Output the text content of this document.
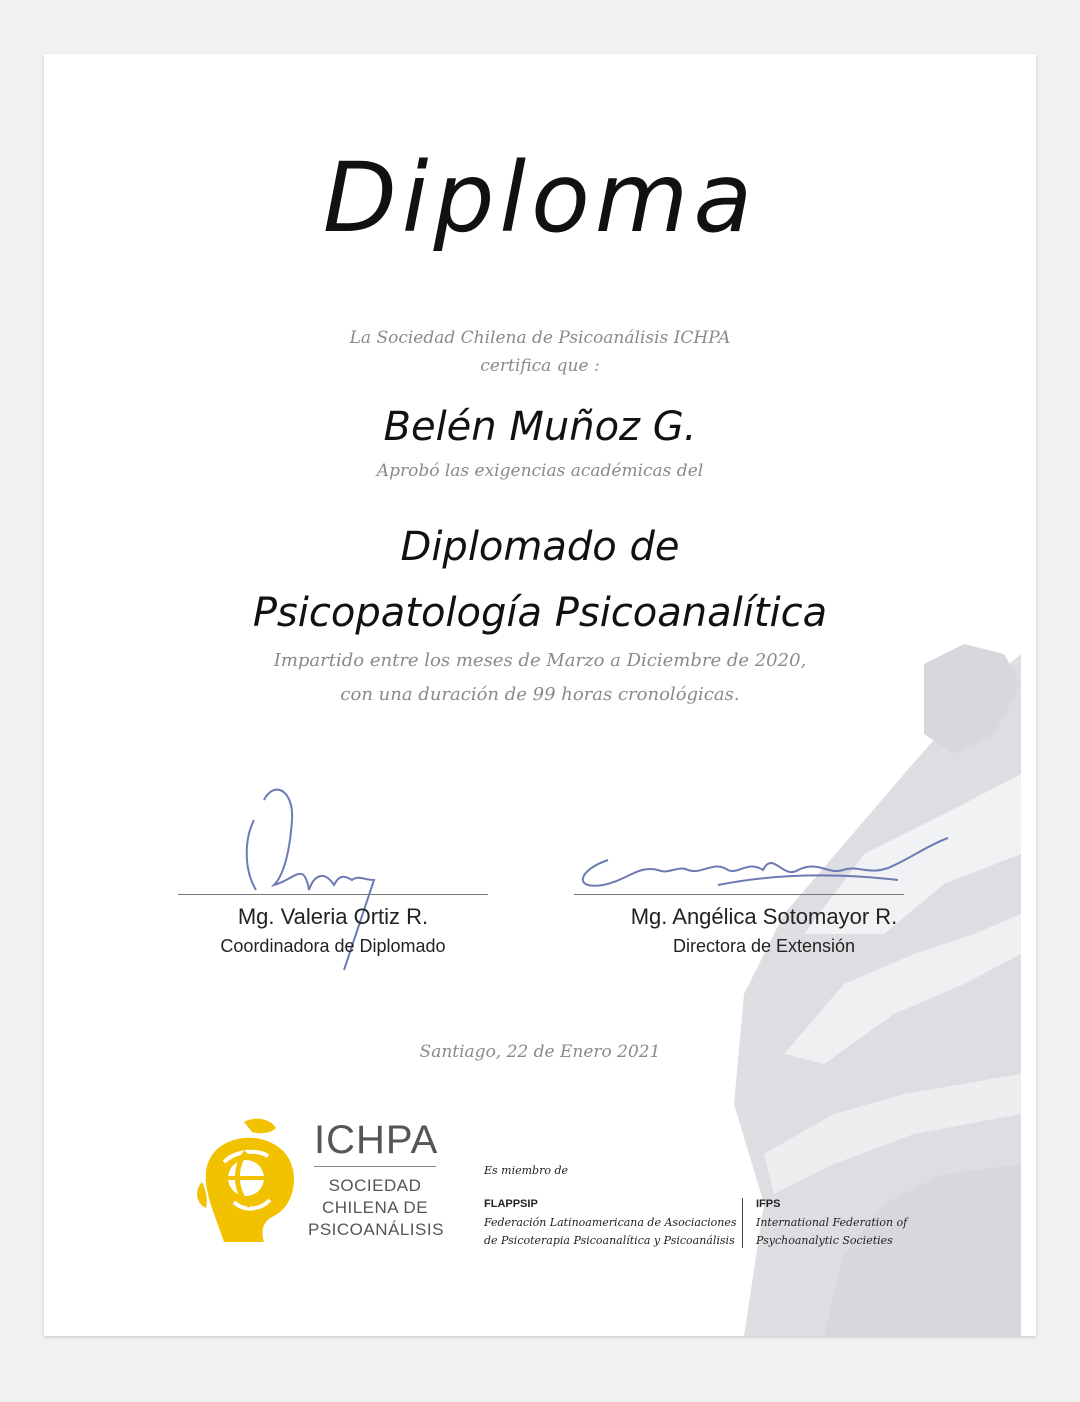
Diploma
La Sociedad Chilena de Psicoanálisis ICHPA
certifica que :
Belén Muñoz G.
Aprobó las exigencias académicas del
Diplomado de
Psicopatología Psicoanalítica
Impartido entre los meses de Marzo a Diciembre de 2020,
con una duración de 99 horas cronológicas.
Mg. Valeria Ortiz R.
Coordinadora de Diplomado
Mg. Angélica Sotomayor R.
Directora de Extensión
Santiago, 22 de Enero 2021
ICHPA
SOCIEDAD
CHILENA DE
PSICOANÁLISIS
Es miembro de
FLAPPSIP
Federación Latinoamericana de Asociaciones
de Psicoterapia Psicoanalítica y Psicoanálisis
IFPS
International Federation of
Psychoanalytic Societies
